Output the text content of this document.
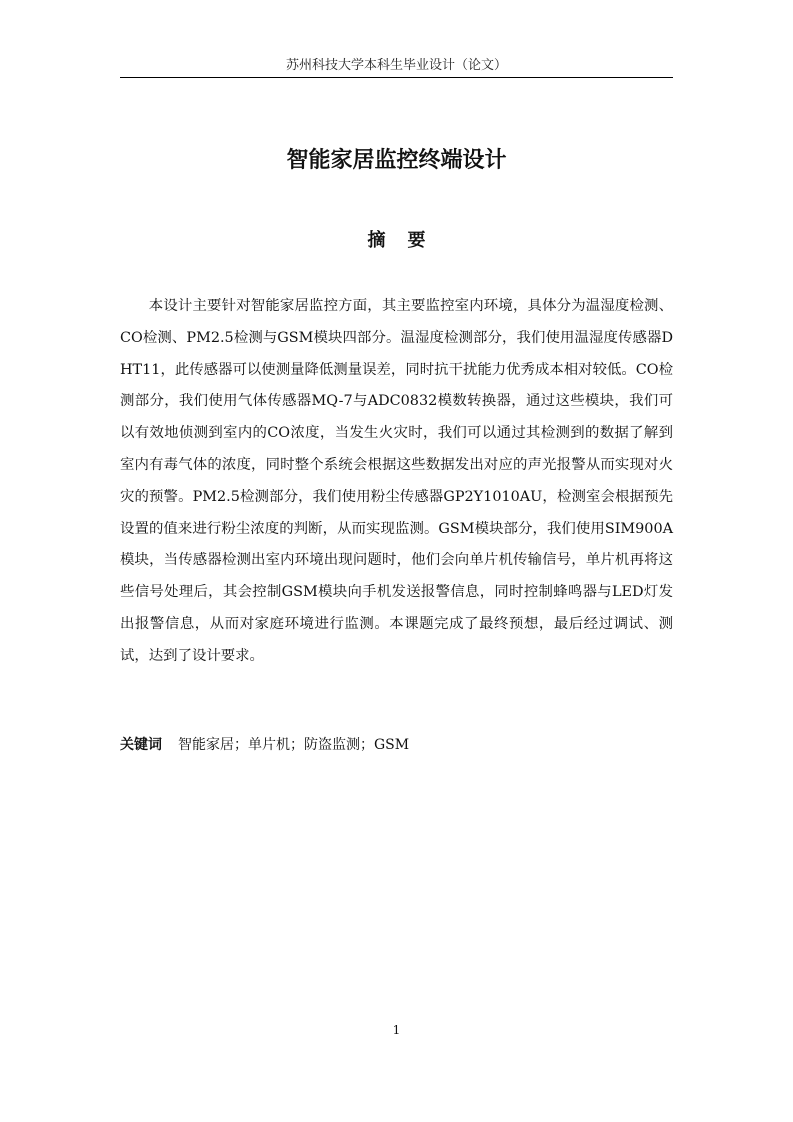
苏州科技大学本科生毕业设计（论文）
智能家居监控终端设计
摘要

本设计主要针对智能家居监控方面，其主要监控室内环境，具体分为温湿度检测、CO检测、PM2.5检测与GSM模块四部分。温湿度检测部分，我们使用温湿度传感器DHT11，此传感器可以使测量降低测量误差，同时抗干扰能力优秀成本相对较低。CO检测部分，我们使用气体传感器MQ-7与ADC0832模数转换器，通过这些模块，我们可以有效地侦测到室内的CO浓度，当发生火灾时，我们可以通过其检测到的数据了解到室内有毒气体的浓度，同时整个系统会根据这些数据发出对应的声光报警从而实现对火灾的预警。PM2.5检测部分，我们使用粉尘传感器GP2Y1010AU，检测室会根据预先设置的值来进行粉尘浓度的判断，从而实现监测。GSM模块部分，我们使用SIM900A模块，当传感器检测出室内环境出现问题时，他们会向单片机传输信号，单片机再将这些信号处理后，其会控制GSM模块向手机发送报警信息，同时控制蜂鸣器与LED灯发出报警信息，从而对家庭环境进行监测。本课题完成了最终预想，最后经过调试、测试，达到了设计要求。

关键词 智能家居；单片机；防盗监测；GSM
1
